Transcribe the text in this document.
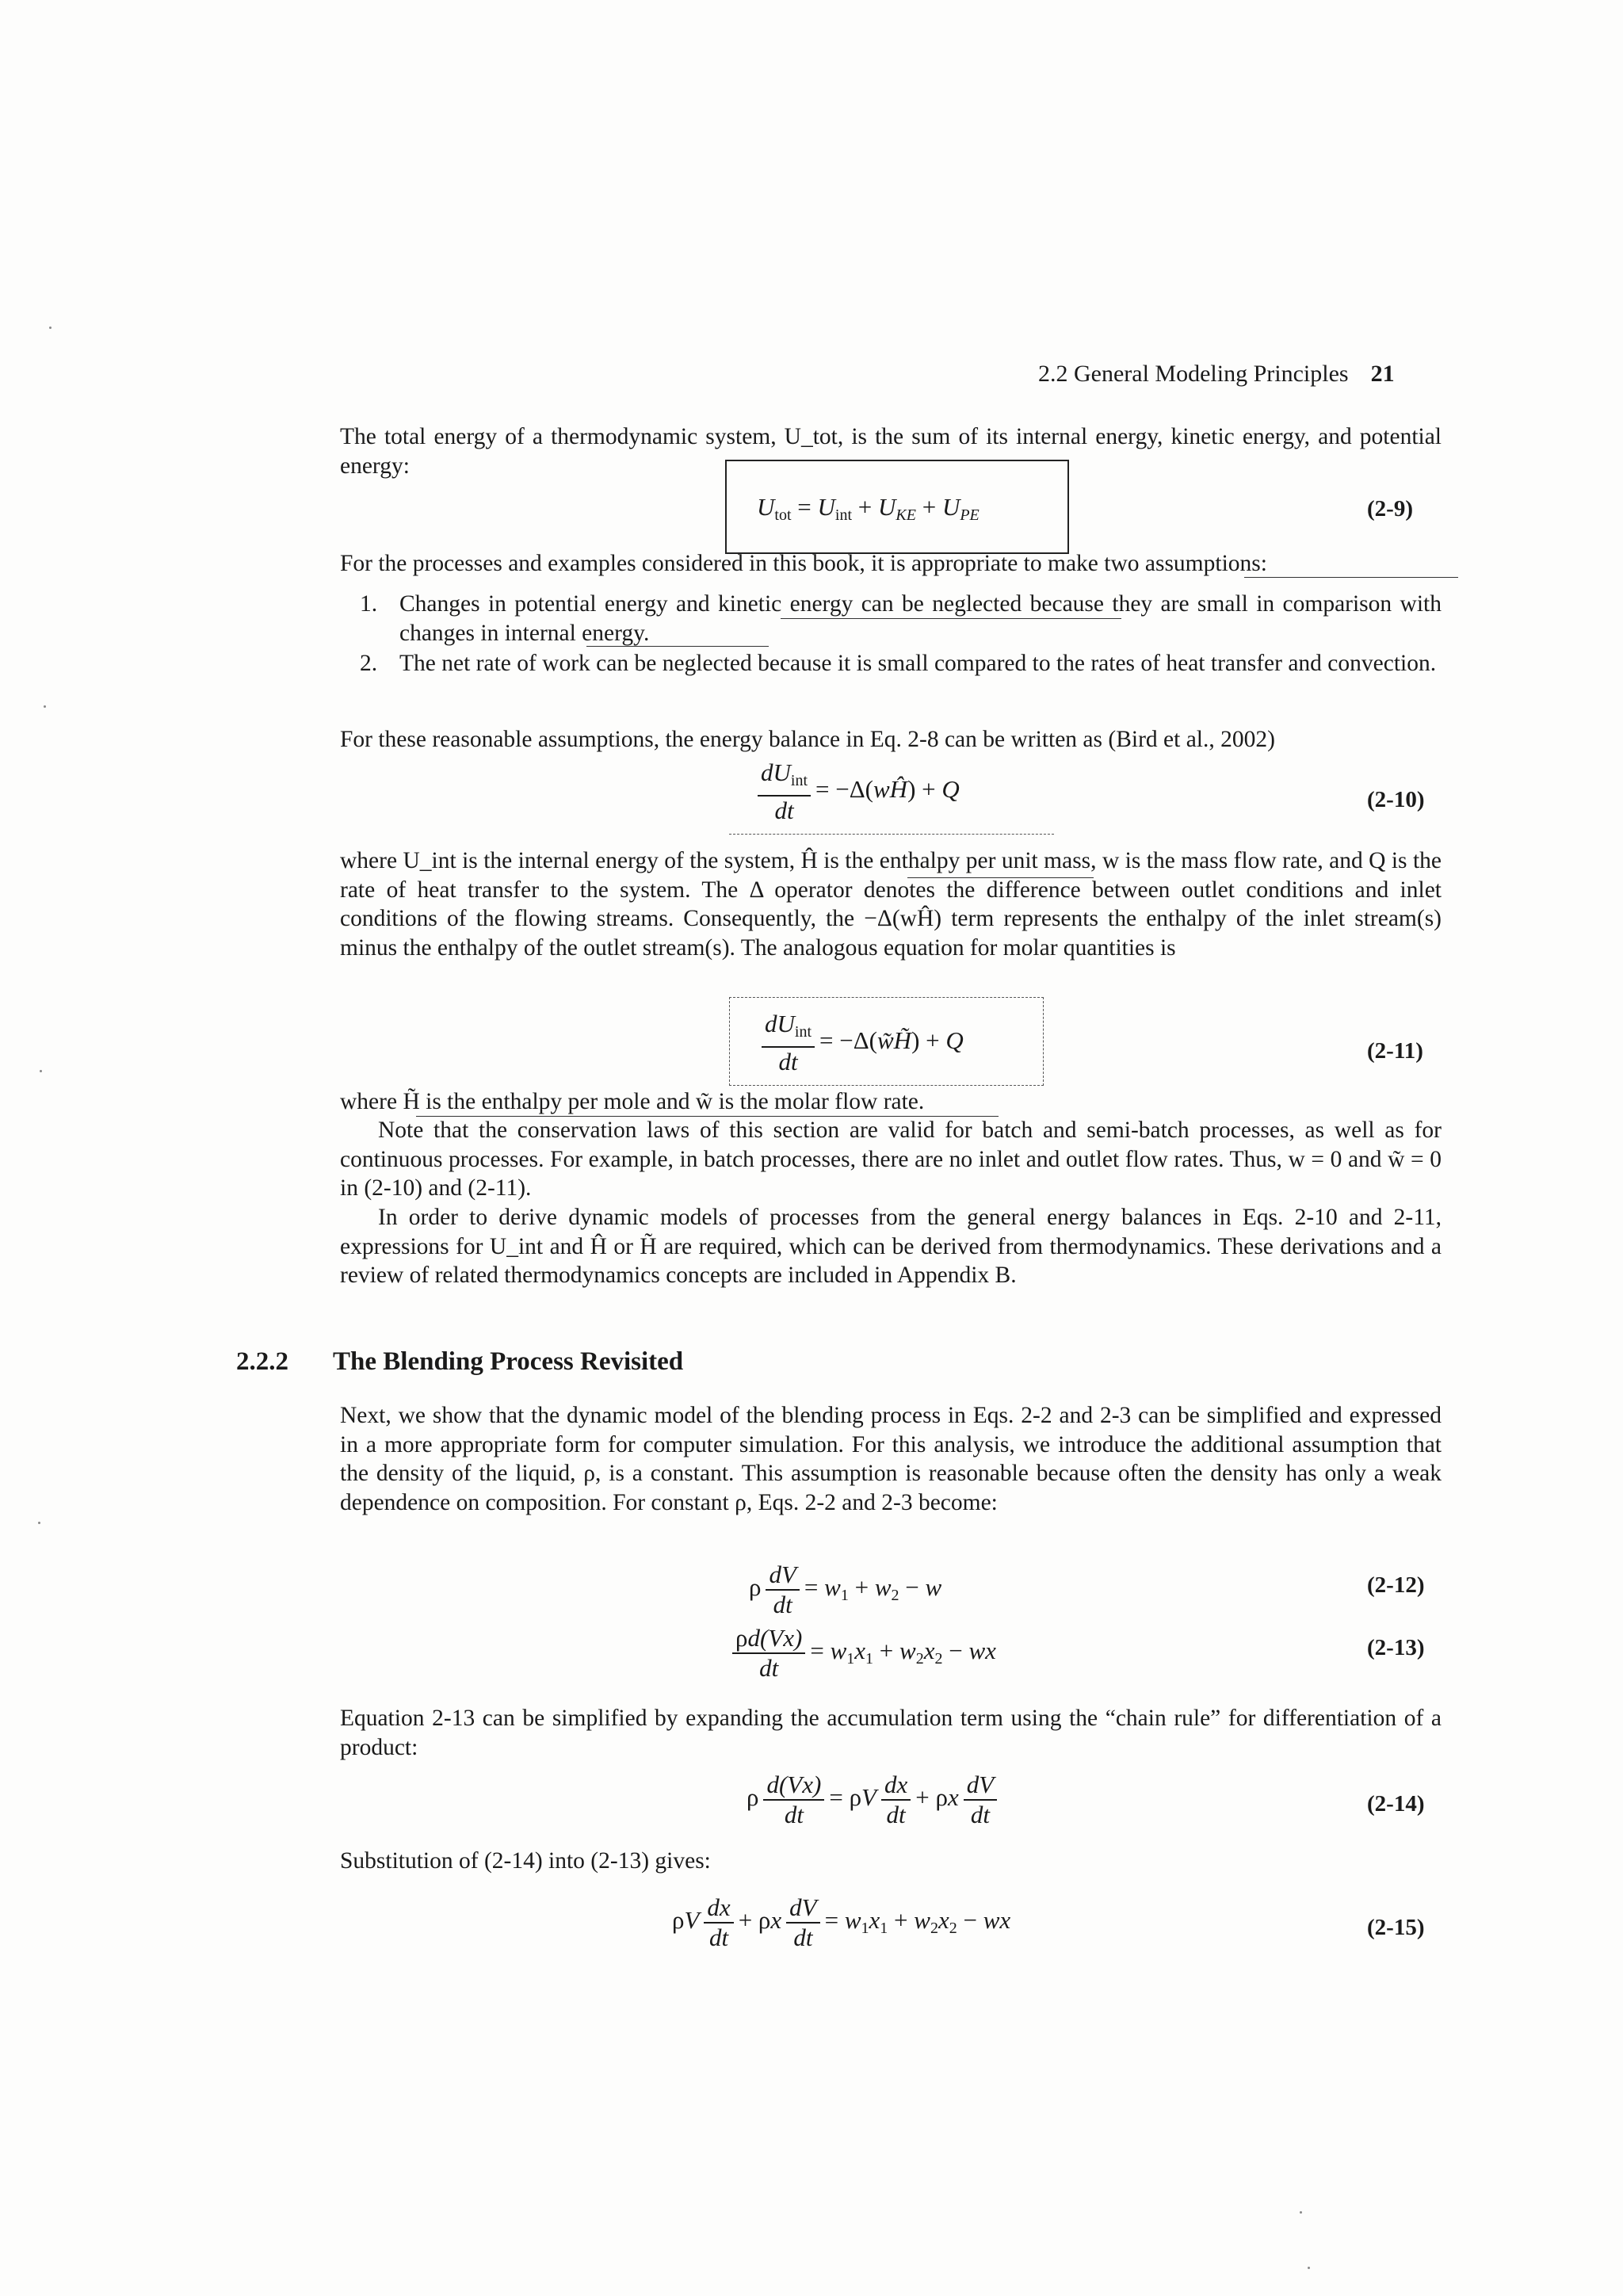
2.2 General Modeling Principles 21
The total energy of a thermodynamic system, U_tot, is the sum of its internal energy, kinetic energy, and potential energy:
$U_{tot} = U_{int}$ + UKE + UPE	(2-9)
For the processes and examples considered in this book, it is appropriate to make two assumptions:
1. Changes in potential energy and kinetic energy can be neglected because they are small in comparison with changes in internal energy.
2. The net rate of work can be neglected because it is small compared to the rates of heat transfer and convection.
For these reasonable assumptions, the energy balance in Eq. 2-8 can be written as (Bird et al., 2002)
$\frac{dU_{int}}{dt}$ = −Δ(wĤ) + Q	(2-10)
where U_int is the internal energy of the system, Ĥ is the enthalpy per unit mass, w is the mass flow rate, and Q is the rate of heat transfer to the system. The Δ operator denotes the difference between outlet conditions and inlet conditions of the flowing streams. Consequently, the −Δ(wĤ) term represents the enthalpy of the inlet stream(s) minus the enthalpy of the outlet stream(s). The analogous equation for molar quantities is
$\frac{dU_{int}}{dt}$ = −Δ(w̃H̃) + Q	(2-11)
where H̃ is the enthalpy per mole and w̃ is the molar flow rate.
Note that the conservation laws of this section are valid for batch and semi-batch processes, as well as for continuous processes. For example, in batch processes, there are no inlet and outlet flow rates. Thus, w = 0 and w̃ = 0 in (2-10) and (2-11).
In order to derive dynamic models of processes from the general energy balances in Eqs. 2-10 and 2-11, expressions for U_int and Ĥ or H̃ are required, which can be derived from thermodynamics. These derivations and a review of related thermodynamics concepts are included in Appendix B.
2.2.2 The Blending Process Revisited
Next, we show that the dynamic model of the blending process in Eqs. 2-2 and 2-3 can be simplified and expressed in a more appropriate form for computer simulation. For this analysis, we introduce the additional assumption that the density of the liquid, ρ, is a constant. This assumption is reasonable because often the density has only a weak dependence on composition. For constant ρ, Eqs. 2-2 and 2-3 become:
ρ $\frac{dV}{dt} = w_1 + w_2 - w$	(2-12)
$\frac{\rho d(Vx)}{dt} = w_1x_1 + w_2x_2$ − wx	(2-13)
Equation 2-13 can be simplified by expanding the accumulation term using the “chain rule” for differentiation of a product:
ρ $\frac{d(Vx)}{dt} = \rho V \frac{dx}{dt} + \rho x \frac{dV}{dt}$	(2-14)
Substitution of (2-14) into (2-13) gives:
ρV $\frac{dx}{dt} + \rho x \frac{dV}{dt} = w_1x_1 + w_2x_2$ − wx	(2-15)
